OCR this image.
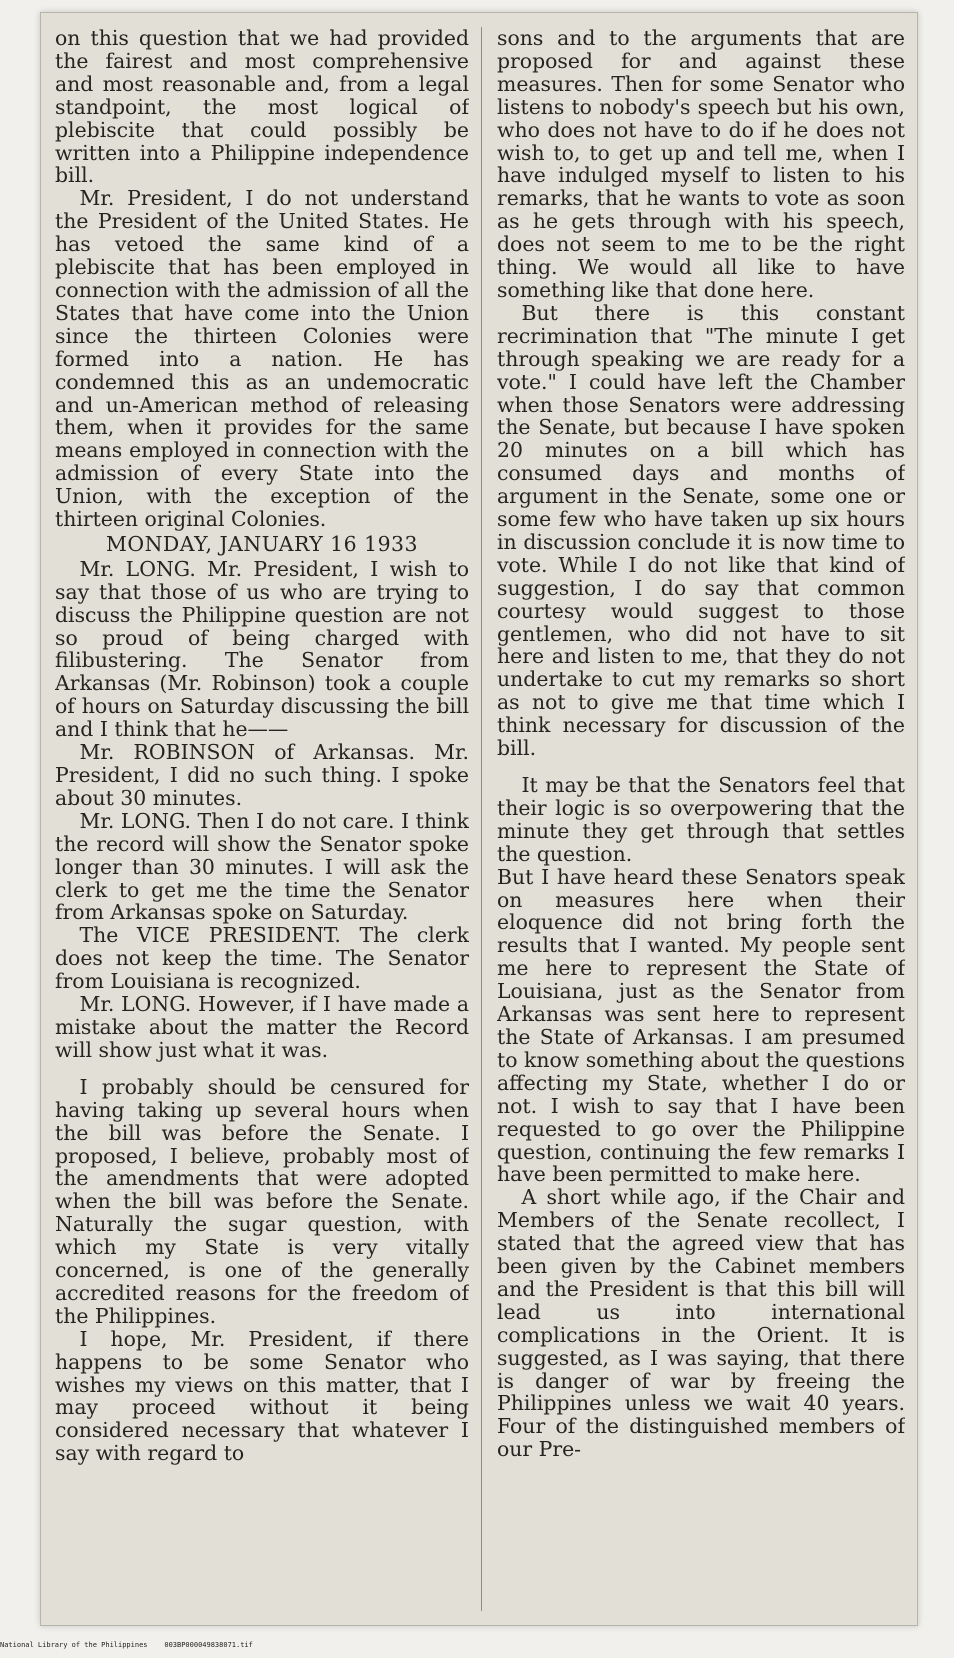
on this question that we had provided the fairest and most comprehensive and most reasonable and, from a legal standpoint, the most logical of plebiscite that could possibly be written into a Philippine independence bill.

Mr. President, I do not understand the President of the United States. He has vetoed the same kind of a plebiscite that has been employed in connection with the admission of all the States that have come into the Union since the thirteen Colonies were formed into a nation. He has condemned this as an undemocratic and un-American method of releasing them, when it provides for the same means employed in connection with the admission of every State into the Union, with the exception of the thirteen original Colonies.

MONDAY, JANUARY 16 1933

Mr. LONG. Mr. President, I wish to say that those of us who are trying to discuss the Philippine question are not so proud of being charged with filibustering. The Senator from Arkansas (Mr. Robinson) took a couple of hours on Saturday discussing the bill and I think that he——

Mr. ROBINSON of Arkansas. Mr. President, I did no such thing. I spoke about 30 minutes.

Mr. LONG. Then I do not care. I think the record will show the Senator spoke longer than 30 minutes. I will ask the clerk to get me the time the Senator from Arkansas spoke on Saturday.

The VICE PRESIDENT. The clerk does not keep the time. The Senator from Louisiana is recognized.

Mr. LONG. However, if I have made a mistake about the matter the Record will show just what it was.

I probably should be censured for having taking up several hours when the bill was before the Senate. I proposed, I believe, probably most of the amendments that were adopted when the bill was before the Senate. Naturally the sugar question, with which my State is very vitally concerned, is one of the generally accredited reasons for the freedom of the Philippines.

I hope, Mr. President, if there happens to be some Senator who wishes my views on this matter, that I may proceed without it being considered necessary that whatever I say with regard to

sons and to the arguments that are proposed for and against these measures. Then for some Senator who listens to nobody's speech but his own, who does not have to do if he does not wish to, to get up and tell me, when I have indulged myself to listen to his remarks, that he wants to vote as soon as he gets through with his speech, does not seem to me to be the right thing. We would all like to have something like that done here.

But there is this constant recrimination that "The minute I get through speaking we are ready for a vote." I could have left the Chamber when those Senators were addressing the Senate, but because I have spoken 20 minutes on a bill which has consumed days and months of argument in the Senate, some one or some few who have taken up six hours in discussion conclude it is now time to vote. While I do not like that kind of suggestion, I do say that common courtesy would suggest to those gentlemen, who did not have to sit here and listen to me, that they do not undertake to cut my remarks so short as not to give me that time which I think necessary for discussion of the bill.

It may be that the Senators feel that their logic is so overpowering that the minute they get through that settles the question.

But I have heard these Senators speak on measures here when their eloquence did not bring forth the results that I wanted. My people sent me here to represent the State of Louisiana, just as the Senator from Arkansas was sent here to represent the State of Arkansas. I am presumed to know something about the questions affecting my State, whether I do or not. I wish to say that I have been requested to go over the Philippine question, continuing the few remarks I have been permitted to make here.

A short while ago, if the Chair and Members of the Senate recollect, I stated that the agreed view that has been given by the Cabinet members and the President is that this bill will lead us into international complications in the Orient. It is suggested, as I was saying, that there is danger of war by freeing the Philippines unless we wait 40 years. Four of the distinguished members of our Pre-

National Library of the Philippines    003BP000049838071.tif
